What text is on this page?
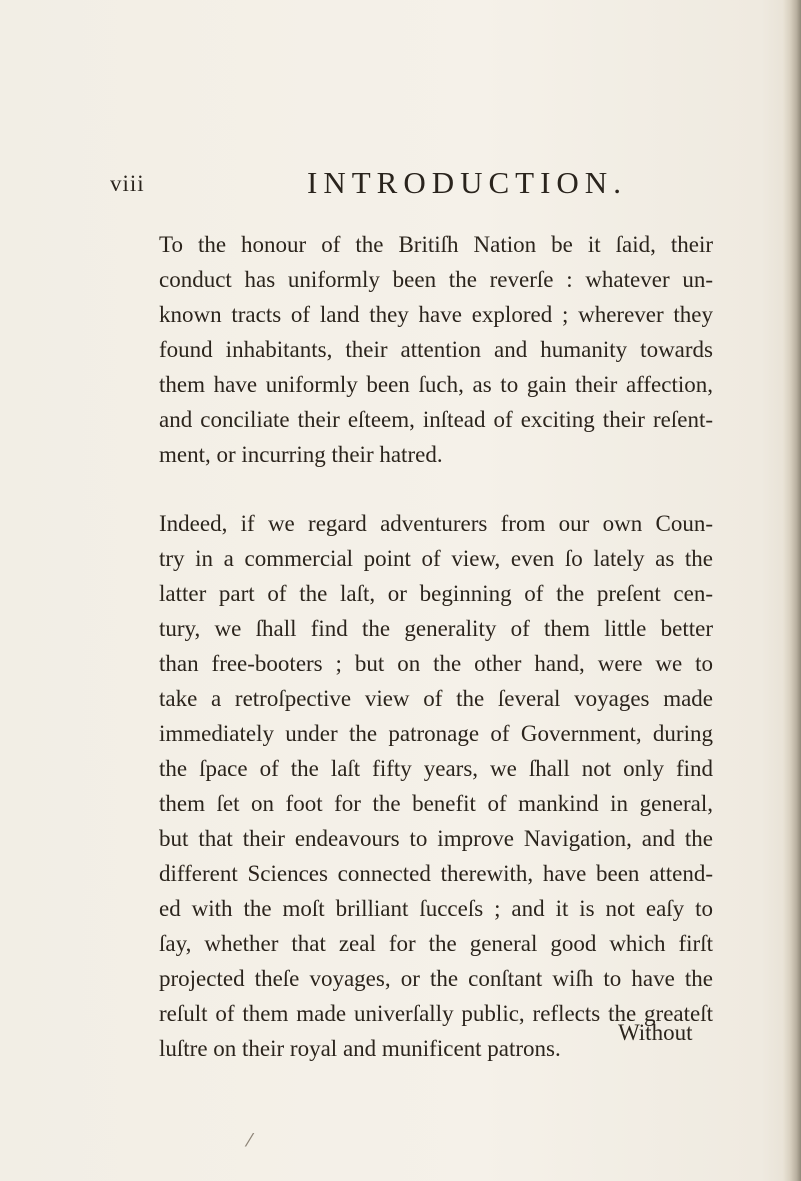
viii	INTRODUCTION.
To the honour of the Britiſh Nation be it ſaid, their
conduct has uniformly been the reverſe : whatever un-
known tracts of land they have explored ; wherever they
found inhabitants, their attention and humanity towards
them have uniformly been ſuch, as to gain their affection,
and conciliate their eſteem, inſtead of exciting their reſent-
ment, or incurring their hatred.
Indeed, if we regard adventurers from our own Coun-
try in a commercial point of view, even ſo lately as the
latter part of the laſt, or beginning of the preſent cen-
tury, we ſhall find the generality of them little better
than free-booters ; but on the other hand, were we to
take a retroſpective view of the ſeveral voyages made
immediately under the patronage of Government, during
the ſpace of the laſt fifty years, we ſhall not only find
them ſet on foot for the benefit of mankind in general,
but that their endeavours to improve Navigation, and the
different Sciences connected therewith, have been attend-
ed with the moſt brilliant ſucceſs ; and it is not eaſy to
ſay, whether that zeal for the general good which firſt
projected theſe voyages, or the conſtant wiſh to have the
reſult of them made univerſally public, reflects the greateſt
luſtre on their royal and munificent patrons.
Without
⁄
